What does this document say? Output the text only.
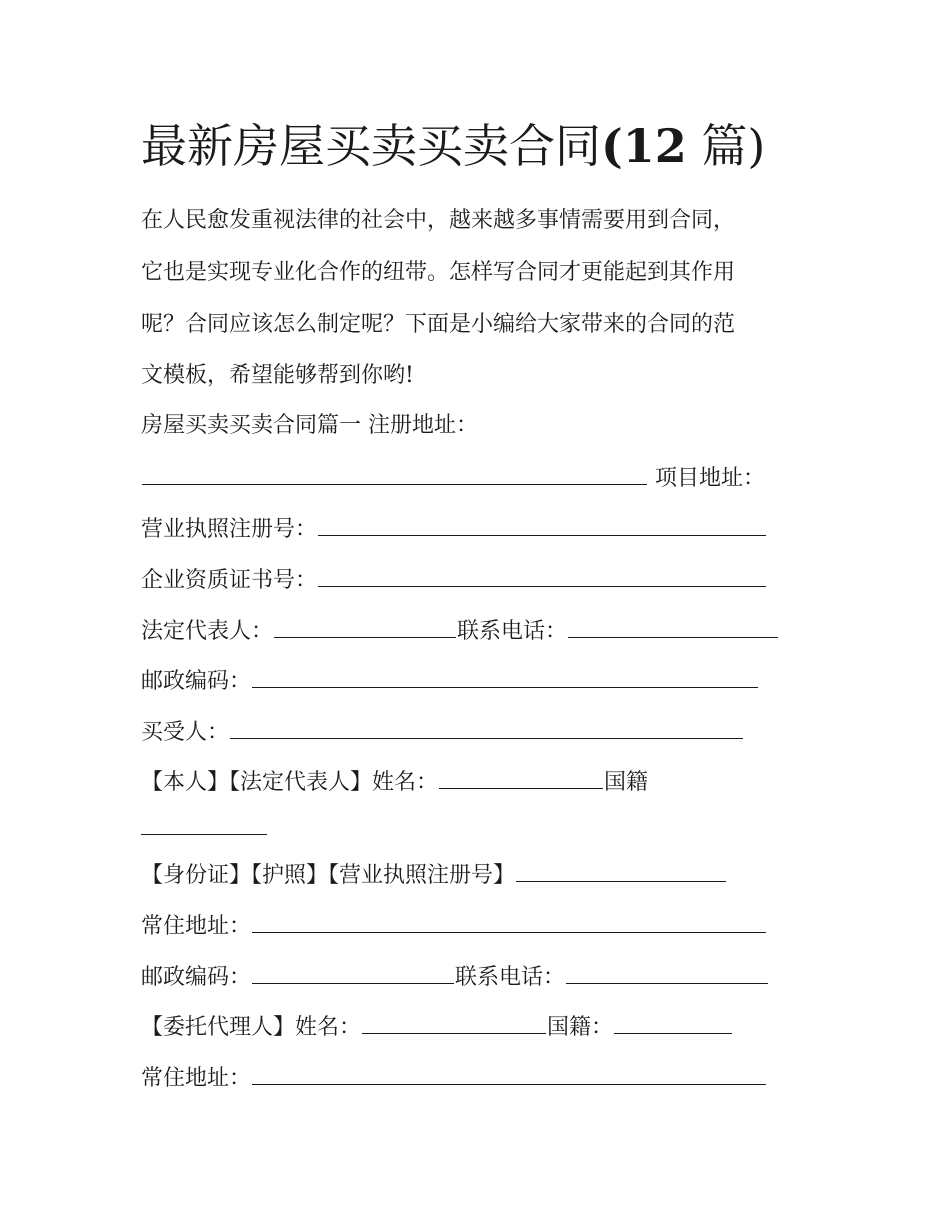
最新房屋买卖买卖合同(12 篇)
在人民愈发重视法律的社会中，越来越多事情需要用到合同，
它也是实现专业化合作的纽带。怎样写合同才更能起到其作用
呢？合同应该怎么制定呢？下面是小编给大家带来的合同的范
文模板，希望能够帮到你哟!
房屋买卖买卖合同篇一 注册地址：
项目地址：
营业执照注册号：
企业资质证书号：
法定代表人：	联系电话：
邮政编码：
买受人：
【本人】【法定代表人】姓名：	国籍
【身份证】【护照】【营业执照注册号】
常住地址：
邮政编码：	联系电话：
【委托代理人】姓名：	国籍：
常住地址：
